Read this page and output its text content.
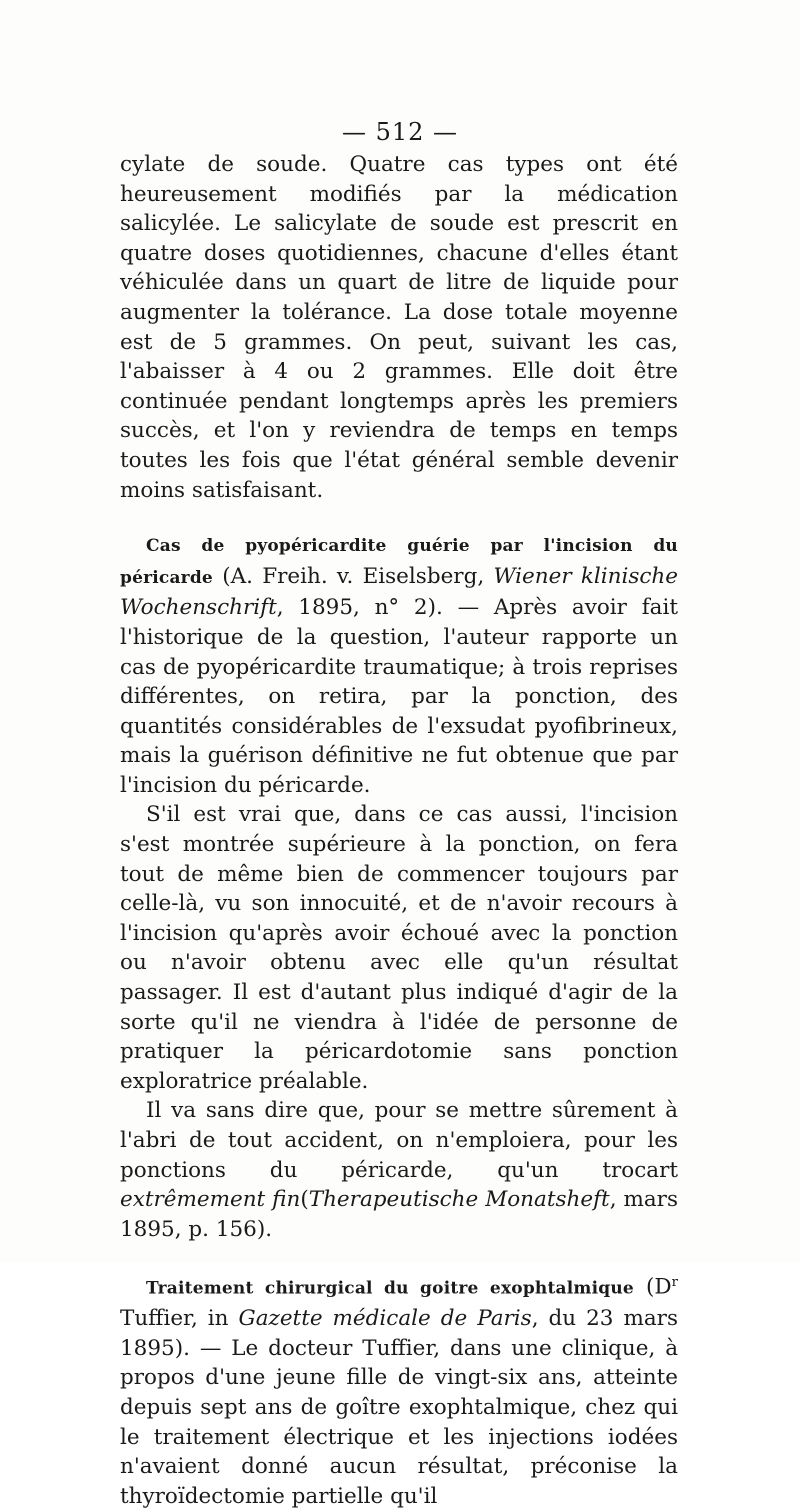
— 512 —

cylate de soude. Quatre cas types ont été heureusement modifiés par la médication salicylée. Le salicylate de soude est prescrit en quatre doses quotidiennes, chacune d'elles étant véhiculée dans un quart de litre de liquide pour augmenter la tolérance. La dose totale moyenne est de 5 grammes. On peut, suivant les cas, l'abaisser à 4 ou 2 grammes. Elle doit être continuée pendant longtemps après les premiers succès, et l'on y reviendra de temps en temps toutes les fois que l'état général semble devenir moins satisfaisant.

Cas de pyopéricardite guérie par l'incision du péricarde (A. Freih. v. Eiselsberg, Wiener klinische Wochenschrift, 1895, n° 2). — Après avoir fait l'historique de la question, l'auteur rapporte un cas de pyopéricardite traumatique; à trois reprises différentes, on retira, par la ponction, des quantités considérables de l'exsudat pyofibrineux, mais la guérison définitive ne fut obtenue que par l'incision du péricarde.

S'il est vrai que, dans ce cas aussi, l'incision s'est montrée supérieure à la ponction, on fera tout de même bien de commencer toujours par celle-là, vu son innocuité, et de n'avoir recours à l'incision qu'après avoir échoué avec la ponction ou n'avoir obtenu avec elle qu'un résultat passager. Il est d'autant plus indiqué d'agir de la sorte qu'il ne viendra à l'idée de personne de pratiquer la péricardotomie sans ponction exploratrice préalable.

Il va sans dire que, pour se mettre sûrement à l'abri de tout accident, on n'emploiera, pour les ponctions du péricarde, qu'un trocart extrêmement fin(Therapeutische Monatsheft, mars 1895, p. 156).

Traitement chirurgical du goitre exophtalmique ($D^r$ Tuffier, in Gazette médicale de Paris, du 23 mars 1895). — Le docteur Tuffier, dans une clinique, à propos d'une jeune fille de vingt-six ans, atteinte depuis sept ans de goître exophtalmique, chez qui le traitement électrique et les injections iodées n'avaient donné aucun résultat, préconise la thyroïdectomie partielle qu'il
